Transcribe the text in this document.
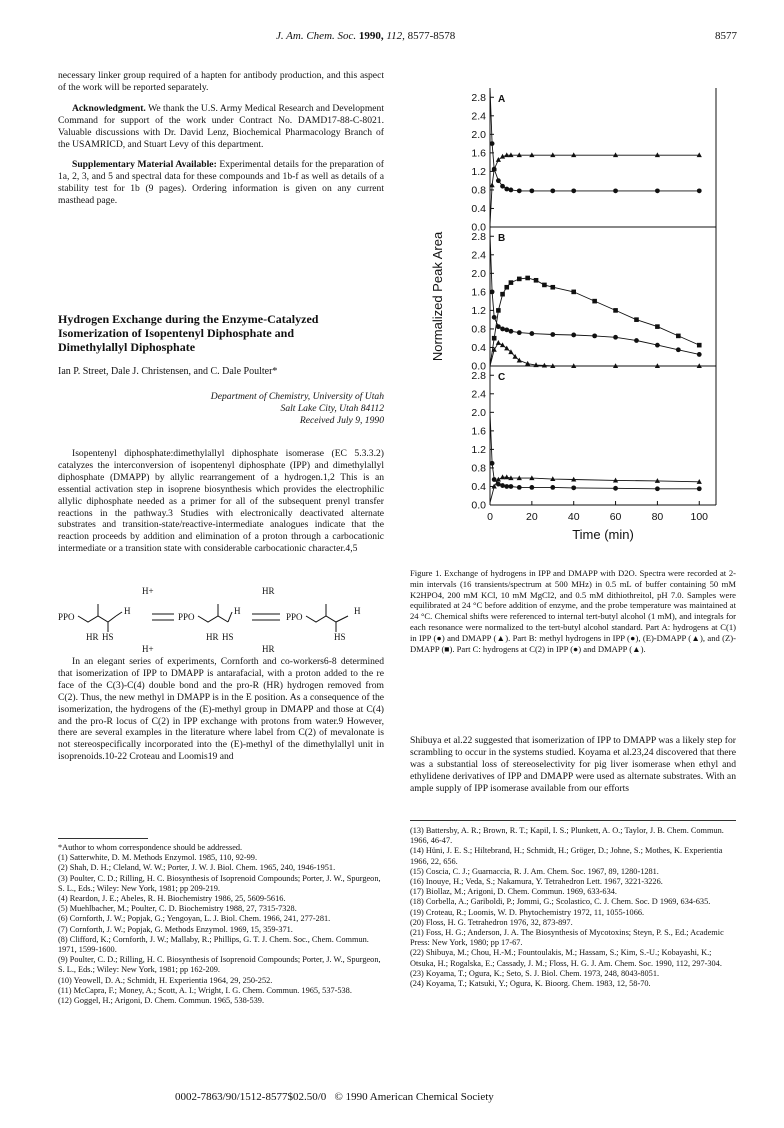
J. Am. Chem. Soc. 1990, 112, 8577-8578	8577

necessary linker group required of a hapten for antibody production, and this aspect of the work will be reported separately.

Acknowledgment. We thank the U.S. Army Medical Research and Development Command for support of the work under Contract No. DAMD17-88-C-8021. Valuable discussions with Dr. David Lenz, Biochemical Pharmacology Branch of the USAMRICD, and Stuart Levy of this department.

Supplementary Material Available: Experimental details for the preparation of 1a, 2, 3, and 5 and spectral data for these compounds and 1b-f as well as details of a stability test for 1b (9 pages). Ordering information is given on any current masthead page.

Hydrogen Exchange during the Enzyme-Catalyzed
Isomerization of Isopentenyl Diphosphate and
Dimethylallyl Diphosphate
Ian P. Street, Dale J. Christensen, and C. Dale Poulter*
Department of Chemistry, University of Utah
Salt Lake City, Utah 84112
Received July 9, 1990

Isopentenyl diphosphate:dimethylallyl diphosphate isomerase (EC 5.3.3.2) catalyzes the interconversion of isopentenyl diphosphate (IPP) and dimethylallyl diphosphate (DMAPP) by allylic rearrangement of a hydrogen.1,2 This is an essential activation step in isoprene biosynthesis which provides the electrophilic allylic diphosphate needed as a primer for all of the subsequent prenyl transfer reactions in the pathway.3 Studies with electronically deactivated alternate substrates and transition-state/reactive-intermediate analogues indicate that the reaction proceeds by addition and elimination of a proton through a carbocationic intermediate or a transition state with considerable carbocationic character.4,5

PPO	PPO	PPO
H	H	H
H+
H+
HR HS	HR HS
HR
HR
HS

In an elegant series of experiments, Cornforth and co-workers6-8 determined that isomerization of IPP to DMAPP is antarafacial, with a proton added to the re face of the C(3)-C(4) double bond and the pro-R (HR) hydrogen removed from C(2). Thus, the new methyl in DMAPP is in the E position. As a consequence of the isomerization, the hydrogens of the (E)-methyl group in DMAPP and those at C(4) and the pro-R locus of C(2) in IPP exchange with protons from water.9 However, there are several examples in the literature where label from C(2) of mevalonate is not stereospecifically incorporated into the (E)-methyl of the dimethylallyl unit in isoprenoids.10-22 Croteau and Loomis19 and

*Author to whom correspondence should be addressed.
(1) Satterwhite, D. M. Methods Enzymol. 1985, 110, 92-99.
(2) Shah, D. H.; Cleland, W. W.; Porter, J. W. J. Biol. Chem. 1965, 240, 1946-1951.
(3) Poulter, C. D.; Rilling, H. C. Biosynthesis of Isoprenoid Compounds; Porter, J. W., Spurgeon, S. L., Eds.; Wiley: New York, 1981; pp 209-219.
(4) Reardon, J. E.; Abeles, R. H. Biochemistry 1986, 25, 5609-5616.
(5) Muehlbacher, M.; Poulter, C. D. Biochemistry 1988, 27, 7315-7328.
(6) Cornforth, J. W.; Popjak, G.; Yengoyan, L. J. Biol. Chem. 1966, 241, 277-281.
(7) Cornforth, J. W.; Popjak, G. Methods Enzymol. 1969, 15, 359-371.
(8) Clifford, K.; Cornforth, J. W.; Mallaby, R.; Phillips, G. T. J. Chem. Soc., Chem. Commun. 1971, 1599-1600.
(9) Poulter, C. D.; Rilling, H. C. Biosynthesis of Isoprenoid Compounds; Porter, J. W., Spurgeon, S. L., Eds.; Wiley: New York, 1981; pp 162-209.
(10) Yeowell, D. A.; Schmidt, H. Experientia 1964, 29, 250-252.
(11) McCapra, F.; Money, A.; Scott, A. I.; Wright, I. G. Chem. Commun. 1965, 537-538.
(12) Goggel, H.; Arigoni, D. Chem. Commun. 1965, 538-539.
A
0.0
0.4
0.8
1.2
1.6
2.0
2.4
2.8
B
0.0
0.4
0.8
1.2
1.6
2.0
2.4
2.8
C
0.0
0.4
0.8
1.2
1.6
2.0
2.4
2.8
0	20	40	60	80	100
Time (min)
Normalized Peak Area
Figure 1. Exchange of hydrogens in IPP and DMAPP with D2O. Spectra were recorded at 2-min intervals (16 transients/spectrum at 500 MHz) in 0.5 mL of buffer containing 50 mM K2HPO4, 200 mM KCl, 10 mM MgCl2, and 0.5 mM dithiothreitol, pH 7.0. Samples were equilibrated at 24 °C before addition of enzyme, and the probe temperature was maintained at 24 °C. Chemical shifts were referenced to internal tert-butyl alcohol (1 mM), and integrals for each resonance were normalized to the tert-butyl alcohol standard. Part A: hydrogens at C(1) in IPP (●) and DMAPP (▲). Part B: methyl hydrogens in IPP (●), (E)-DMAPP (▲), and (Z)-DMAPP (■). Part C: hydrogens at C(2) in IPP (●) and DMAPP (▲).

Shibuya et al.22 suggested that isomerization of IPP to DMAPP was a likely step for scrambling to occur in the systems studied. Koyama et al.23,24 discovered that there was a substantial loss of stereoselectivity for pig liver isomerase when ethyl and ethylidene derivatives of IPP and DMAPP were used as alternate substrates. With an ample supply of IPP isomerase available from our efforts

(13) Battersby, A. R.; Brown, R. T.; Kapil, I. S.; Plunkett, A. O.; Taylor, J. B. Chem. Commun. 1966, 46-47.
(14) Hüni, J. E. S.; Hiltebrand, H.; Schmidt, H.; Gröger, D.; Johne, S.; Mothes, K. Experientia 1966, 22, 656.
(15) Coscia, C. J.; Guarnaccia, R. J. Am. Chem. Soc. 1967, 89, 1280-1281.
(16) Inouye, H.; Veda, S.; Nakamura, Y. Tetrahedron Lett. 1967, 3221-3226.
(17) Biollaz, M.; Arigoni, D. Chem. Commun. 1969, 633-634.
(18) Corbella, A.; Gariboldi, P.; Jommi, G.; Scolastico, C. J. Chem. Soc. D 1969, 634-635.
(19) Croteau, R.; Loomis, W. D. Phytochemistry 1972, 11, 1055-1066.
(20) Floss, H. G. Tetrahedron 1976, 32, 873-897.
(21) Foss, H. G.; Anderson, J. A. The Biosynthesis of Mycotoxins; Steyn, P. S., Ed.; Academic Press: New York, 1980; pp 17-67.
(22) Shibuya, M.; Chou, H.-M.; Fountoulakis, M.; Hassam, S.; Kim, S.-U.; Kobayashi, K.; Otsuka, H.; Rogalska, E.; Cassady, J. M.; Floss, H. G. J. Am. Chem. Soc. 1990, 112, 297-304.
(23) Koyama, T.; Ogura, K.; Seto, S. J. Biol. Chem. 1973, 248, 8043-8051.
(24) Koyama, T.; Katsuki, Y.; Ogura, K. Bioorg. Chem. 1983, 12, 58-70.
0002-7863/90/1512-8577$02.50/0 © 1990 American Chemical Society
